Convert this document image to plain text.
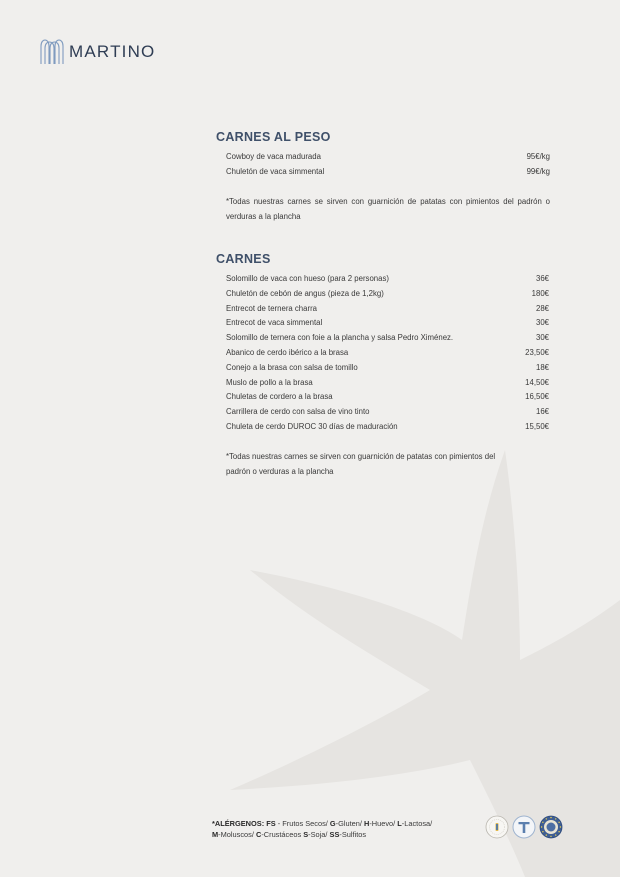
MARTINO
CARNES AL PESO
Cowboy de vaca madurada	95€/kg
Chuletón de vaca simmental	99€/kg
*Todas nuestras carnes se sirven con guarnición de patatas con pimientos del padrón o verduras a la plancha
CARNES
Solomillo de vaca con hueso (para 2 personas)	36€
Chuletón de cebón de angus (pieza de 1,2kg)	180€
Entrecot de ternera charra	28€
Entrecot de vaca simmental	30€
Solomillo de ternera con foie a la plancha y salsa Pedro Ximénez.	30€
Abanico de cerdo ibérico a la brasa	23,50€
Conejo a la brasa con salsa de tomillo	18€
Muslo de pollo a la brasa	14,50€
Chuletas de cordero a la brasa	16,50€
Carrillera de cerdo con salsa de vino tinto	16€
Chuleta de cerdo DUROC 30 días de maduración	15,50€
*Todas nuestras carnes se sirven con guarnición de patatas con pimientos del padrón o verduras a la plancha
*ALÉRGENOS: FS - Frutos Secos/ G-Gluten/ H-Huevo/ L-Lactosa/
M-Moluscos/ C-Crustáceos S-Soja/ SS-Sulfitos
